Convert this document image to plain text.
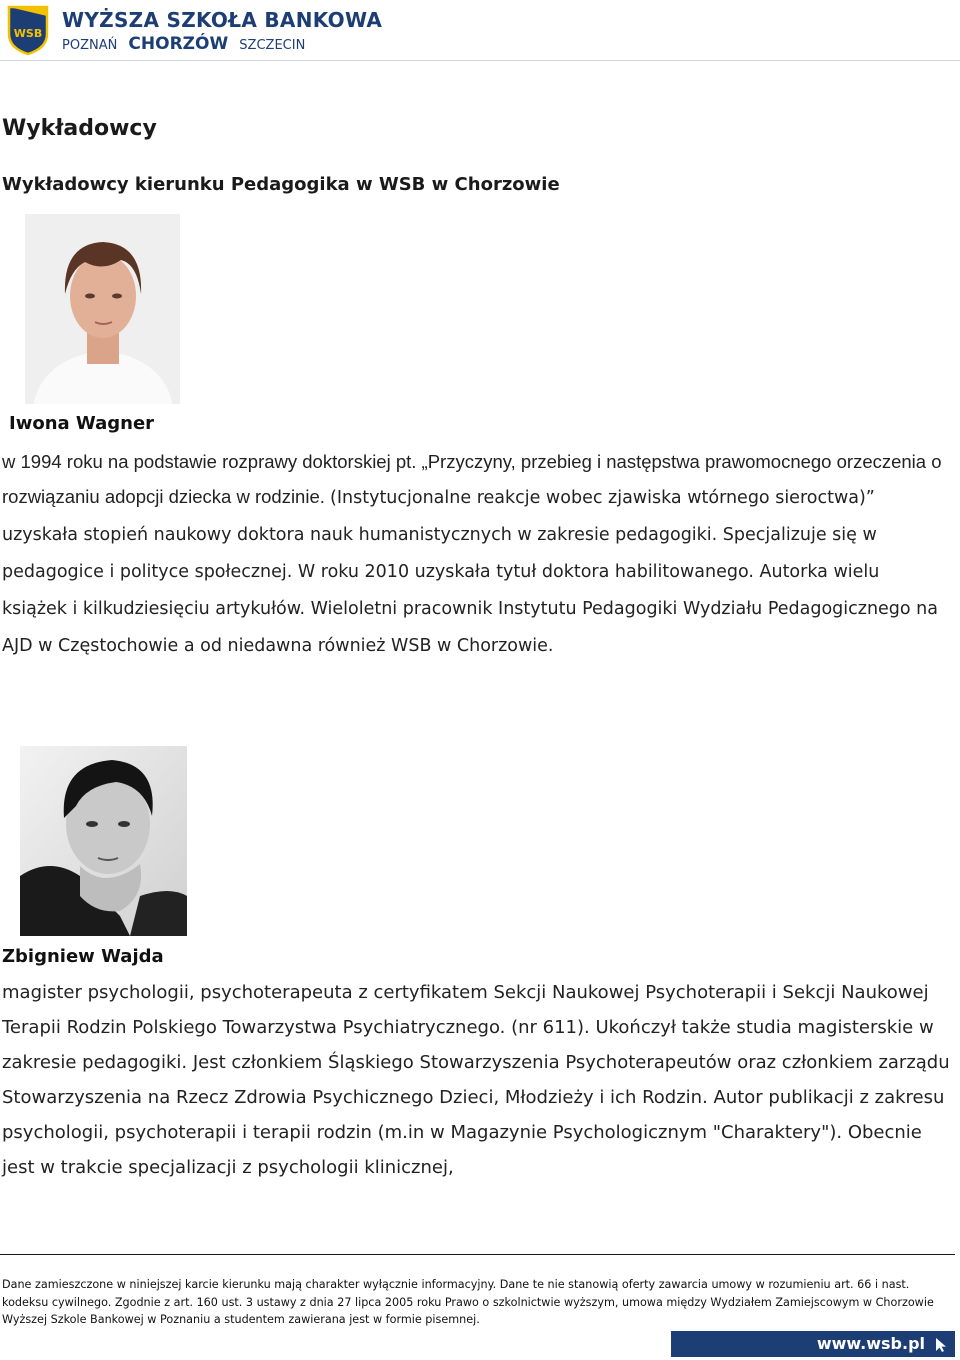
WSB
WYŻSZA SZKOŁA BANKOWA
POZNAŃ CHORZÓW SZCZECIN
Wykładowcy
Wykładowcy kierunku Pedagogika w WSB w Chorzowie
Iwona Wagner

w 1994 roku na podstawie rozprawy doktorskiej pt. „Przyczyny, przebieg i następstwa prawomocnego orzeczenia o rozwiązaniu adopcji dziecka w rodzinie. (Instytucjonalne reakcje wobec zjawiska wtórnego sieroctwa)” uzyskała stopień naukowy doktora nauk humanistycznych w zakresie pedagogiki. Specjalizuje się w pedagogice i polityce społecznej. W roku 2010 uzyskała tytuł doktora habilitowanego. Autorka wielu książek i kilkudziesięciu artykułów. Wieloletni pracownik Instytutu Pedagogiki Wydziału Pedagogicznego na AJD w Częstochowie a od niedawna również WSB w Chorzowie.

Zbigniew Wajda

magister psychologii, psychoterapeuta z certyfikatem Sekcji Naukowej Psychoterapii i Sekcji Naukowej Terapii Rodzin Polskiego Towarzystwa Psychiatrycznego. (nr 611). Ukończył także studia magisterskie w zakresie pedagogiki. Jest członkiem Śląskiego Stowarzyszenia Psychoterapeutów oraz członkiem zarządu Stowarzyszenia na Rzecz Zdrowia Psychicznego Dzieci, Młodzieży i ich Rodzin. Autor publikacji z zakresu psychologii, psychoterapii i terapii rodzin (m.in w Magazynie Psychologicznym "Charaktery"). Obecnie jest w trakcie specjalizacji z psychologii klinicznej,

Dane zamieszczone w niniejszej karcie kierunku mają charakter wyłącznie informacyjny. Dane te nie stanowią oferty zawarcia umowy w rozumieniu art. 66 i nast. kodeksu cywilnego. Zgodnie z art. 160 ust. 3 ustawy z dnia 27 lipca 2005 roku Prawo o szkolnictwie wyższym, umowa między Wydziałem Zamiejscowym w Chorzowie Wyższej Szkole Bankowej w Poznaniu a studentem zawierana jest w formie pisemnej.

www.wsb.pl
